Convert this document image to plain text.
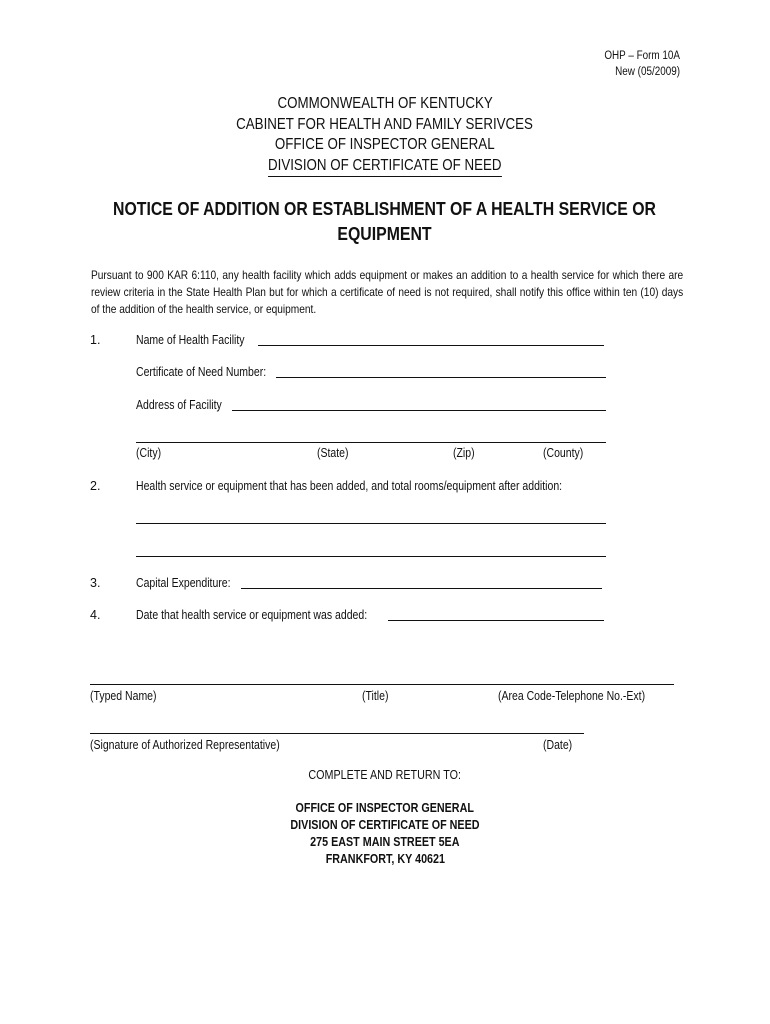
OHP – Form 10A
New (05/2009)
COMMONWEALTH OF KENTUCKY
CABINET FOR HEALTH AND FAMILY SERIVCES
OFFICE OF INSPECTOR GENERAL
DIVISION OF CERTIFICATE OF NEED
NOTICE OF ADDITION OR ESTABLISHMENT OF A HEALTH SERVICE OR
EQUIPMENT
Pursuant to 900 KAR 6:110, any health facility which adds equipment or makes an addition to a health service for which there are review criteria in the State Health Plan but for which a certificate of need is not required, shall notify this office within ten (10) days of the addition of the health service, or equipment.
1.	Name of Health Facility
Certificate of Need Number:
Address of Facility
(City)	(State)	(Zip)	(County)
2.	Health service or equipment that has been added, and total rooms/equipment after addition:
3.	Capital Expenditure:
4.	Date that health service or equipment was added:
(Typed Name)	(Title)	(Area Code-Telephone No.-Ext)
(Signature of Authorized Representative)	(Date)
COMPLETE AND RETURN TO:
OFFICE OF INSPECTOR GENERAL
DIVISION OF CERTIFICATE OF NEED
275 EAST MAIN STREET 5EA
FRANKFORT, KY 40621
